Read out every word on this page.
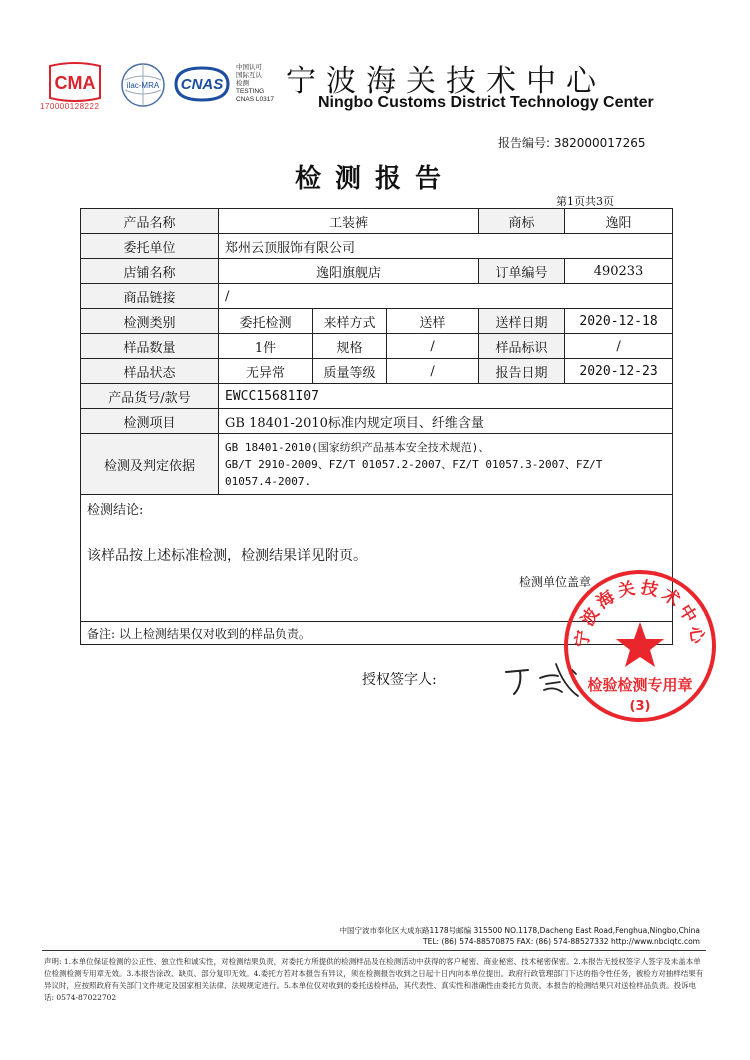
CMA
170000128222
ilac-MRA CNAS
中国认可
国际互认
检测
TESTING
CNAS L0317
宁波海关技术中心
Ningbo Customs District Technology Center
报告编号: 382000017265
检测报告
第1页共3页
产品名称	工装裤			商标	逸阳
委托单位	郑州云顶服饰有限公司				
店铺名称	逸阳旗舰店			订单编号	490233
商品链接	/				
检测类别	委托检测	来样方式	送样	送样日期	2020-12-18
样品数量	1件	规格	/	样品标识	/
样品状态	无异常	质量等级	/	报告日期	2020-12-23
产品货号/款号	EWCC15681I07				
检测项目	GB 18401-2010标准内规定项目、纤维含量				
检测及判定依据	GB 18401-2010(国家纺织产品基本安全技术规范)、
GB/T 2910-2009、FZ/T 01057.2-2007、FZ/T 01057.3-2007、FZ/T
01057.4-2007.				

检测结论:
该样品按上述标准检测，检测结果详见附页。
检测单位盖章					

备注: 以上检测结果仅对收到的样品负责。					
授权签字人:
宁波海关技术中心
检验检测专用章
(3)
中国宁波市奉化区大成东路1178号邮编 315500 NO.1178,Dacheng East Road,Fenghua,Ningbo,China
TEL: (86) 574-88570875 FAX: (86) 574-88527332 http://www.nbciqtc.com
声明: 1.本单位保证检测的公正性、独立性和诚实性，对检测结果负责，对委托方所提供的检测样品及在检测活动中获得的客户秘密、商业秘密、技术秘密保密。2.本报告无授权签字人签字及未盖本单位检测检测专用章无效。3.本报告涂改、缺页、部分复印无效。4.委托方若对本报告有异议，须在检测报告收到之日起十日内向本单位提出。政府行政管理部门下达的指令性任务，被检方对抽样结果有异议时，应按照政府有关部门文件规定及国家相关法律、法规规定进行。5.本单位仅对收到的委托送检样品，其代表性、真实性和准确性由委托方负责。本报告的检测结果只对送检样品负责。投诉电话: 0574-87022702
